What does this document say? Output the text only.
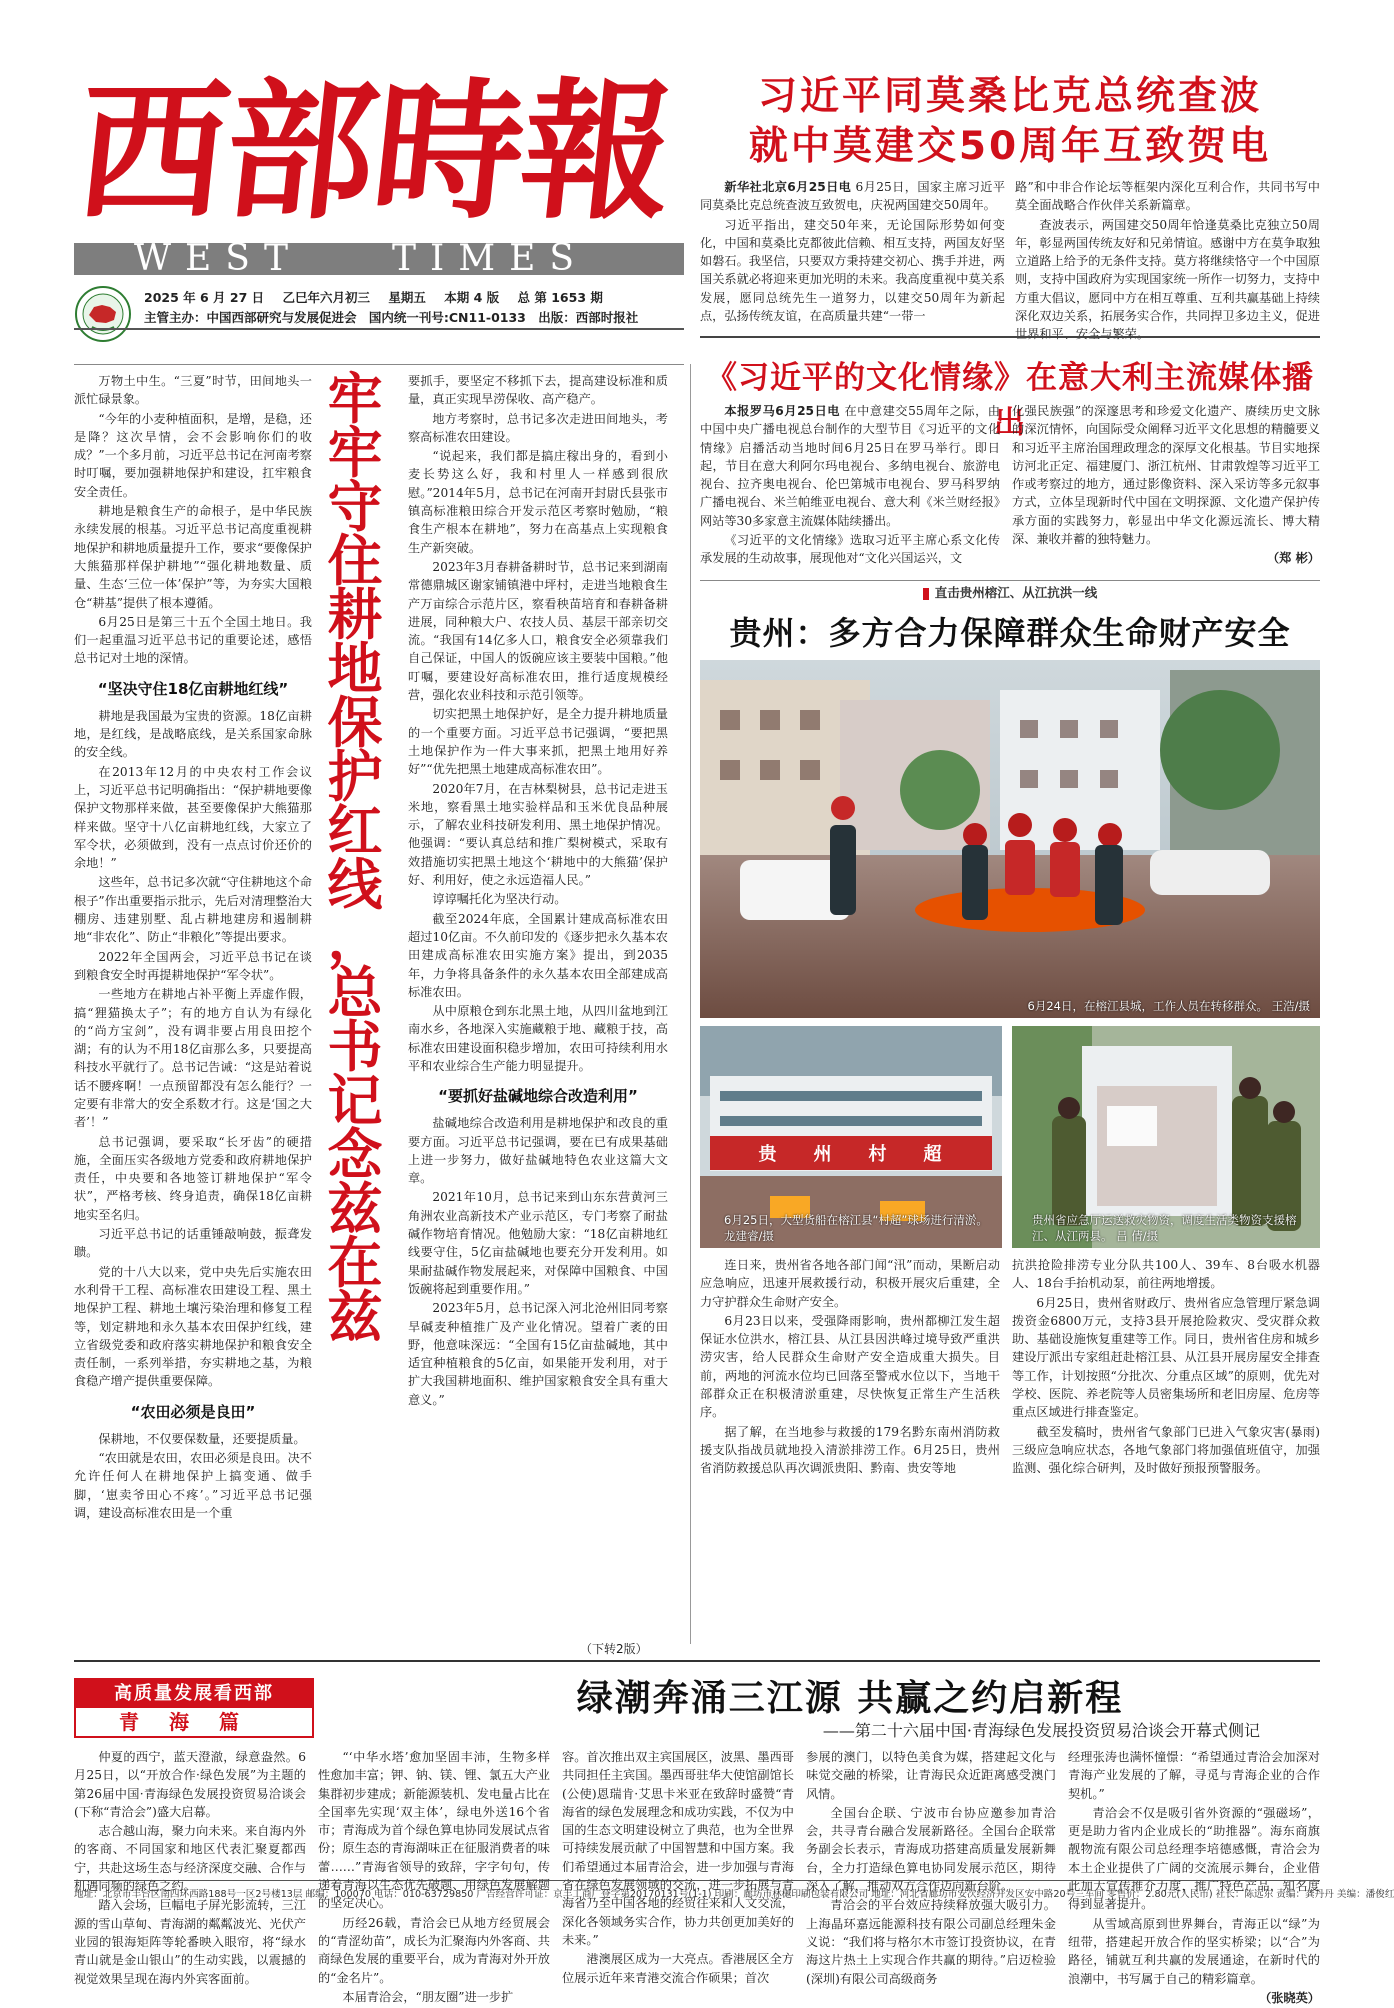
西部時報
WEST	TIMES
2025 年 6 月 27 日 乙巳年六月初三 星期五 本期 4 版 总 第 1653 期
主管主办：中国西部研究与发展促进会 国内统一刊号:CN11-0133 出版：西部时报社
习近平同莫桑比克总统查波
就中莫建交50周年互致贺电

新华社北京6月25日电 6月25日，国家主席习近平同莫桑比克总统查波互致贺电，庆祝两国建交50周年。

习近平指出，建交50年来，无论国际形势如何变化，中国和莫桑比克都彼此信赖、相互支持，两国友好坚如磐石。我坚信，只要双方秉持建交初心、携手并进，两国关系就必将迎来更加光明的未来。我高度重视中莫关系发展，愿同总统先生一道努力，以建交50周年为新起点，弘扬传统友谊，在高质量共建“一带一

路”和中非合作论坛等框架内深化互利合作，共同书写中莫全面战略合作伙伴关系新篇章。

查波表示，两国建交50周年恰逢莫桑比克独立50周年，彰显两国传统友好和兄弟情谊。感谢中方在莫争取独立道路上给予的无条件支持。莫方将继续恪守一个中国原则，支持中国政府为实现国家统一所作一切努力，支持中方重大倡议，愿同中方在相互尊重、互利共赢基础上持续深化双边关系，拓展务实合作，共同捍卫多边主义，促进世界和平、安全与繁荣。

万物土中生。“三夏”时节，田间地头一派忙碌景象。

“今年的小麦种植面积，是增，是稳，还是降？这次旱情，会不会影响你们的收成？”一个多月前，习近平总书记在河南考察时叮嘱，要加强耕地保护和建设，扛牢粮食安全责任。

耕地是粮食生产的命根子，是中华民族永续发展的根基。习近平总书记高度重视耕地保护和耕地质量提升工作，要求“要像保护大熊猫那样保护耕地”“强化耕地数量、质量、生态‘三位一体’保护”等，为夯实大国粮仓“耕基”提供了根本遵循。

6月25日是第三十五个全国土地日。我们一起重温习近平总书记的重要论述，感悟总书记对土地的深情。

“坚决守住18亿亩耕地红线”

耕地是我国最为宝贵的资源。18亿亩耕地，是红线，是战略底线，是关系国家命脉的安全线。

在2013年12月的中央农村工作会议上，习近平总书记明确指出：“保护耕地要像保护文物那样来做，甚至要像保护大熊猫那样来做。坚守十八亿亩耕地红线，大家立了军令状，必须做到，没有一点点讨价还价的余地！”

这些年，总书记多次就“守住耕地这个命根子”作出重要指示批示，先后对清理整治大棚房、违建别墅、乱占耕地建房和遏制耕地“非农化”、防止“非粮化”等提出要求。

2022年全国两会，习近平总书记在谈到粮食安全时再提耕地保护“军令状”。

一些地方在耕地占补平衡上弄虚作假，搞“狸猫换太子”；有的地方自认为有绿化的“尚方宝剑”，没有调非要占用良田挖个湖；有的认为不用18亿亩那么多，只要提高科技水平就行了。总书记告诫：“这是站着说话不腰疼啊！一点预留都没有怎么能行？一定要有非常大的安全系数才行。这是‘国之大者’！”

总书记强调，要采取“长牙齿”的硬措施，全面压实各级地方党委和政府耕地保护责任，中央要和各地签订耕地保护“军令状”，严格考核、终身追责，确保18亿亩耕地实至名归。

习近平总书记的话重锤敲响鼓，振聋发聩。

党的十八大以来，党中央先后实施农田水利骨干工程、高标准农田建设工程、黑土地保护工程、耕地土壤污染治理和修复工程等，划定耕地和永久基本农田保护红线，建立省级党委和政府落实耕地保护和粮食安全责任制，一系列举措，夯实耕地之基，为粮食稳产增产提供重要保障。

“农田必须是良田”

保耕地，不仅要保数量，还要提质量。

“农田就是农田，农田必须是良田。决不允许任何人在耕地保护上搞变通、做手脚，‘崽卖爷田心不疼’。”习近平总书记强调，建设高标准农田是一个重

牢
牢
守
住
耕
地
保
护
红
线
，
总
书
记
念
兹
在
兹

要抓手，要坚定不移抓下去，提高建设标准和质量，真正实现旱涝保收、高产稳产。

地方考察时，总书记多次走进田间地头，考察高标准农田建设。

“说起来，我们都是搞庄稼出身的，看到小麦长势这么好，我和村里人一样感到很欣慰。”2014年5月，总书记在河南开封尉氏县张市镇高标准粮田综合开发示范区考察时勉励，“粮食生产根本在耕地”，努力在高基点上实现粮食生产新突破。

2023年3月春耕备耕时节，总书记来到湖南常德鼎城区谢家铺镇港中坪村，走进当地粮食生产万亩综合示范片区，察看秧苗培育和春耕备耕进展，同种粮大户、农技人员、基层干部亲切交流。“我国有14亿多人口，粮食安全必须靠我们自己保证，中国人的饭碗应该主要装中国粮。”他叮嘱，要建设好高标准农田，推行适度规模经营，强化农业科技和示范引领等。

切实把黑土地保护好，是全力提升耕地质量的一个重要方面。习近平总书记强调，“要把黑土地保护作为一件大事来抓，把黑土地用好养好”“优先把黑土地建成高标准农田”。

2020年7月，在吉林梨树县，总书记走进玉米地，察看黑土地实验样品和玉米优良品种展示，了解农业科技研发利用、黑土地保护情况。他强调：“要认真总结和推广梨树模式，采取有效措施切实把黑土地这个‘耕地中的大熊猫’保护好、利用好，使之永远造福人民。”

谆谆嘱托化为坚决行动。

截至2024年底，全国累计建成高标准农田超过10亿亩。不久前印发的《逐步把永久基本农田建成高标准农田实施方案》提出，到2035年，力争将具备条件的永久基本农田全部建成高标准农田。

从中原粮仓到东北黑土地，从四川盆地到江南水乡，各地深入实施藏粮于地、藏粮于技，高标准农田建设面积稳步增加，农田可持续利用水平和农业综合生产能力明显提升。

“要抓好盐碱地综合改造利用”

盐碱地综合改造利用是耕地保护和改良的重要方面。习近平总书记强调，要在已有成果基础上进一步努力，做好盐碱地特色农业这篇大文章。

2021年10月，总书记来到山东东营黄河三角洲农业高新技术产业示范区，专门考察了耐盐碱作物培育情况。他勉励大家：“18亿亩耕地红线要守住，5亿亩盐碱地也要充分开发利用。如果耐盐碱作物发展起来，对保障中国粮食、中国饭碗将起到重要作用。”

2023年5月，总书记深入河北沧州旧同考察旱碱麦种植推广及产业化情况。望着广袤的田野，他意味深远：“全国有15亿亩盐碱地，其中适宜种植粮食的5亿亩，如果能开发利用，对于扩大我国耕地面积、维护国家粮食安全具有重大意义。”

（下转2版）
《习近平的文化情缘》在意大利主流媒体播出

本报罗马6月25日电 在中意建交55周年之际，由中国中央广播电视总台制作的大型节目《习近平的文化情缘》启播活动当地时间6月25日在罗马举行。即日起，节目在意大利阿尔玛电视台、多纳电视台、旅游电视台、拉齐奥电视台、伦巴第城市电视台、罗马科罗纳广播电视台、米兰帕维亚电视台、意大利《米兰财经报》网站等30多家意主流媒体陆续播出。

《习近平的文化情缘》选取习近平主席心系文化传承发展的生动故事，展现他对“文化兴国运兴，文

化强民族强”的深邃思考和珍爱文化遗产、赓续历史文脉的深沉情怀，向国际受众阐释习近平文化思想的精髓要义和习近平主席治国理政理念的深厚文化根基。节目实地探访河北正定、福建厦门、浙江杭州、甘肃敦煌等习近平工作或考察过的地方，通过影像资料、深入采访等多元叙事方式，立体呈现新时代中国在文明探源、文化遗产保护传承方面的实践努力，彰显出中华文化源远流长、博大精深、兼收并蓄的独特魅力。

（郑 彬）

直击贵州榕江、从江抗洪一线
贵州：多方合力保障群众生命财产安全
6月24日，在榕江县城，工作人员在转移群众。 王浩/摄
贵 州 村 超
6月25日，大型货船在榕江县“村超”球场进行清淤。 龙建睿/摄
贵州省应急厅运送救灾物资，调度生活类物资支援榕江、从江两县。 吕 倩/摄

连日来，贵州省各地各部门闻“汛”而动，果断启动应急响应，迅速开展救援行动，积极开展灾后重建，全力守护群众生命财产安全。

6月23日以来，受强降雨影响，贵州都柳江发生超保证水位洪水，榕江县、从江县因洪峰过境导致严重洪涝灾害，给人民群众生命财产安全造成重大损失。目前，两地的河流水位均已回落至警戒水位以下，当地干部群众正在积极清淤重建，尽快恢复正常生产生活秩序。

据了解，在当地参与救援的179名黔东南州消防救援支队指战员就地投入清淤排涝工作。6月25日，贵州省消防救援总队再次调派贵阳、黔南、贵安等地

抗洪抢险排涝专业分队共100人、39车、8台吸水机器人、18台手抬机动泵，前往两地增援。

6月25日，贵州省财政厅、贵州省应急管理厅紧急调拨资金6800万元，支持3县开展抢险救灾、受灾群众救助、基础设施恢复重建等工作。同日，贵州省住房和城乡建设厅派出专家组赶赴榕江县、从江县开展房屋安全排查等工作，计划按照“分批次、分重点区域”的原则，优先对学校、医院、养老院等人员密集场所和老旧房屋、危房等重点区域进行排查鉴定。

截至发稿时，贵州省气象部门已进入气象灾害(暴雨)三级应急响应状态，各地气象部门将加强值班值守，加强监测、强化综合研判，及时做好预报预警服务。

高质量发展看西部
青海篇
绿潮奔涌三江源 共赢之约启新程
——第二十六届中国·青海绿色发展投资贸易洽谈会开幕式侧记

仲夏的西宁，蓝天澄澈，绿意盎然。6月25日，以“开放合作·绿色发展”为主题的第26届中国·青海绿色发展投资贸易洽谈会(下称“青洽会”)盛大启幕。

志合越山海，聚力向未来。来自海内外的客商、不同国家和地区代表汇聚夏都西宁，共赴这场生态与经济深度交融、合作与机遇同频的绿色之约。

踏入会场，巨幅电子屏光影流转，三江源的雪山草甸、青海湖的粼粼波光、光伏产业园的银海矩阵等轮番映入眼帘，将“绿水青山就是金山银山”的生动实践，以震撼的视觉效果呈现在海内外宾客面前。

“‘中华水塔’愈加坚固丰沛，生物多样性愈加丰富；钾、钠、镁、锂、氯五大产业集群初步建成；新能源装机、发电量占比在全国率先实现‘双主体’，绿电外送16个省市；青海成为首个绿色算电协同发展试点省份；原生态的青海湖味正在征服消费者的味蕾……”青海省领导的致辞，字字句句，传递着青海以生态优先破题、用绿色发展解题的坚定决心。

历经26载，青洽会已从地方经贸展会的“青涩幼苗”，成长为汇聚海内外客商、共商绿色发展的重要平台，成为青海对外开放的“金名片”。

本届青洽会，“朋友圈”进一步扩

容。首次推出双主宾国展区，波黑、墨西哥共同担任主宾国。墨西哥驻华大使馆副馆长(公使)恩瑞肯·艾思卡米亚在致辞时盛赞“青海省的绿色发展理念和成功实践，不仅为中国的生态文明建设树立了典范，也为全世界可持续发展贡献了中国智慧和中国方案。我们希望通过本届青洽会，进一步加强与青海省在绿色发展领域的交流，进一步拓展与青海省乃至中国各地的经贸往来和人文交流，深化各领域务实合作，协力共创更加美好的未来。”

港澳展区成为一大亮点。香港展区全方位展示近年来青港交流合作硕果；首次

参展的澳门，以特色美食为媒，搭建起文化与味觉交融的桥梁，让青海民众近距离感受澳门风情。

全国台企联、宁波市台协应邀参加青洽会，共寻青台融合发展新路径。全国台企联常务副会长表示，青海成功搭建高质量发展新舞台，全力打造绿色算电协同发展示范区，期待深入了解，推动双方合作迈向新台阶。

青洽会的平台效应持续释放强大吸引力。上海晶环嘉远能源科技有限公司副总经理朱金义说：“我们将与格尔木市签订投资协议，在青海这片热土上实现合作共赢的期待。”启迈检验(深圳)有限公司高级商务

经理张涛也满怀憧憬：“希望通过青洽会加深对青海产业发展的了解，寻觅与青海企业的合作契机。”

青洽会不仅是吸引省外资源的“强磁场”，更是助力省内企业成长的“助推器”。海东商旗靓物流有限公司总经理李培德感慨，青洽会为本土企业提供了广阔的交流展示舞台，企业借此加大宣传推介力度，推广特色产品，知名度得到显著提升。

从雪域高原到世界舞台，青海正以“绿”为纽带，搭建起开放合作的坚实桥梁；以“合”为路径，铺就互利共赢的发展通途，在新时代的浪潮中，书写属于自己的精彩篇章。

（张晓英）

地址：北京市丰台区南四环西路188号一区2号楼13层 邮编：100070 电话：010-63729850 广告经营许可证：京丰工商广登字第20170131号(1-1) 印刷：廊坊市林樾印刷包装有限公司 地址：河北省廊坊市安次经济开发区安中路20号三车间 零售价：2.80元(人民币) 社长：陈远东 责编：龚丹丹 美编：潘俊红
